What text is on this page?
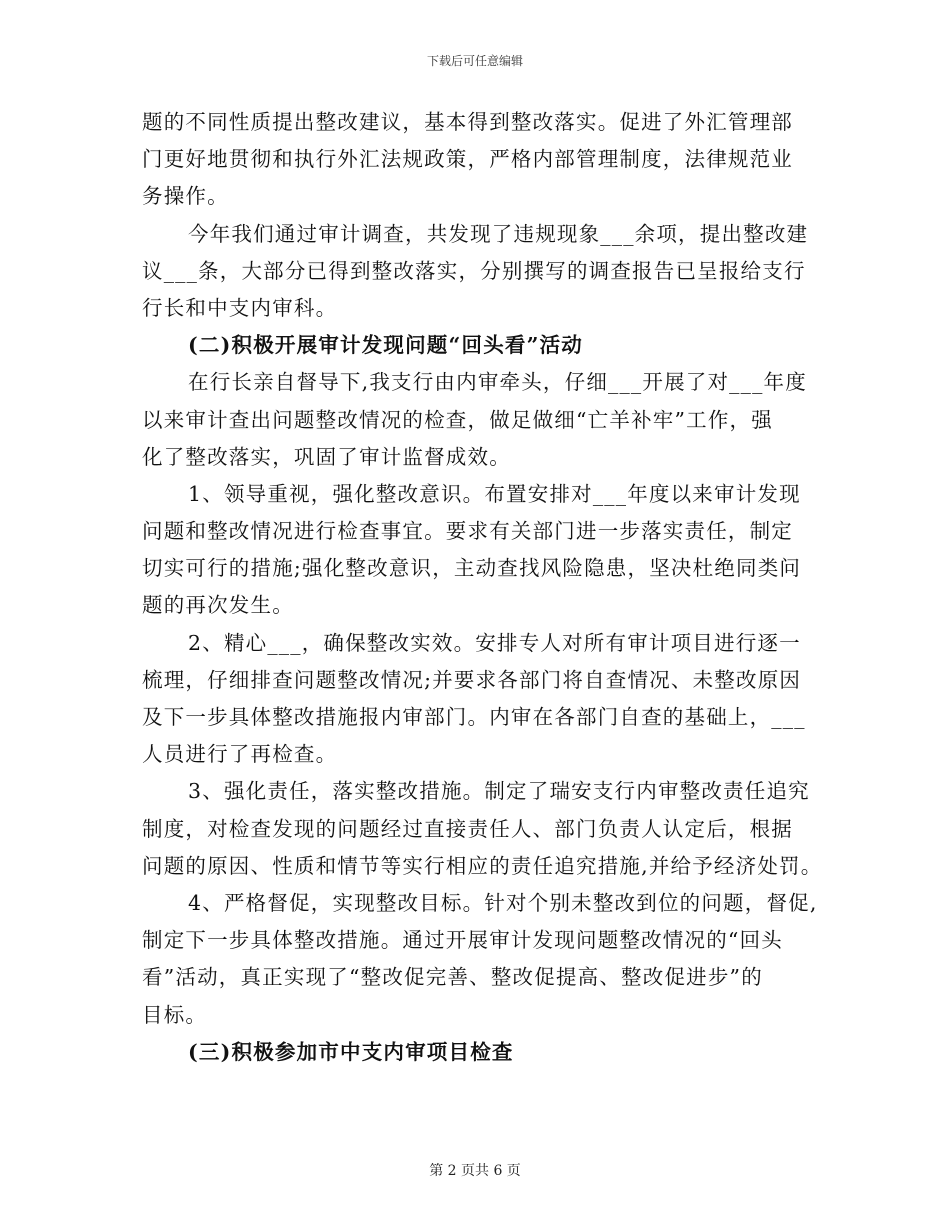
下载后可任意编辑
题的不同性质提出整改建议，基本得到整改落实。促进了外汇管理部
门更好地贯彻和执行外汇法规政策，严格内部管理制度，法律规范业
务操作。
今年我们通过审计调查，共发现了违规现象___余项，提出整改建
议___条，大部分已得到整改落实，分别撰写的调查报告已呈报给支行
行长和中支内审科。
(二)积极开展审计发现问题“回头看”活动
在行长亲自督导下,我支行由内审牵头，仔细___开展了对___年度
以来审计查出问题整改情况的检查，做足做细“亡羊补牢”工作，强
化了整改落实，巩固了审计监督成效。
1、领导重视，强化整改意识。布置安排对___年度以来审计发现
问题和整改情况进行检查事宜。要求有关部门进一步落实责任，制定
切实可行的措施;强化整改意识，主动查找风险隐患，坚决杜绝同类问
题的再次发生。
2、精心___，确保整改实效。安排专人对所有审计项目进行逐一
梳理，仔细排查问题整改情况;并要求各部门将自查情况、未整改原因
及下一步具体整改措施报内审部门。内审在各部门自查的基础上，___
人员进行了再检查。
3、强化责任，落实整改措施。制定了瑞安支行内审整改责任追究
制度，对检查发现的问题经过直接责任人、部门负责人认定后，根据
问题的原因、性质和情节等实行相应的责任追究措施,并给予经济处罚。
4、严格督促，实现整改目标。针对个别未整改到位的问题，督促,
制定下一步具体整改措施。通过开展审计发现问题整改情况的“回头
看”活动，真正实现了“整改促完善、整改促提高、整改促进步”的
目标。
(三)积极参加市中支内审项目检查
第 2 页共 6 页
